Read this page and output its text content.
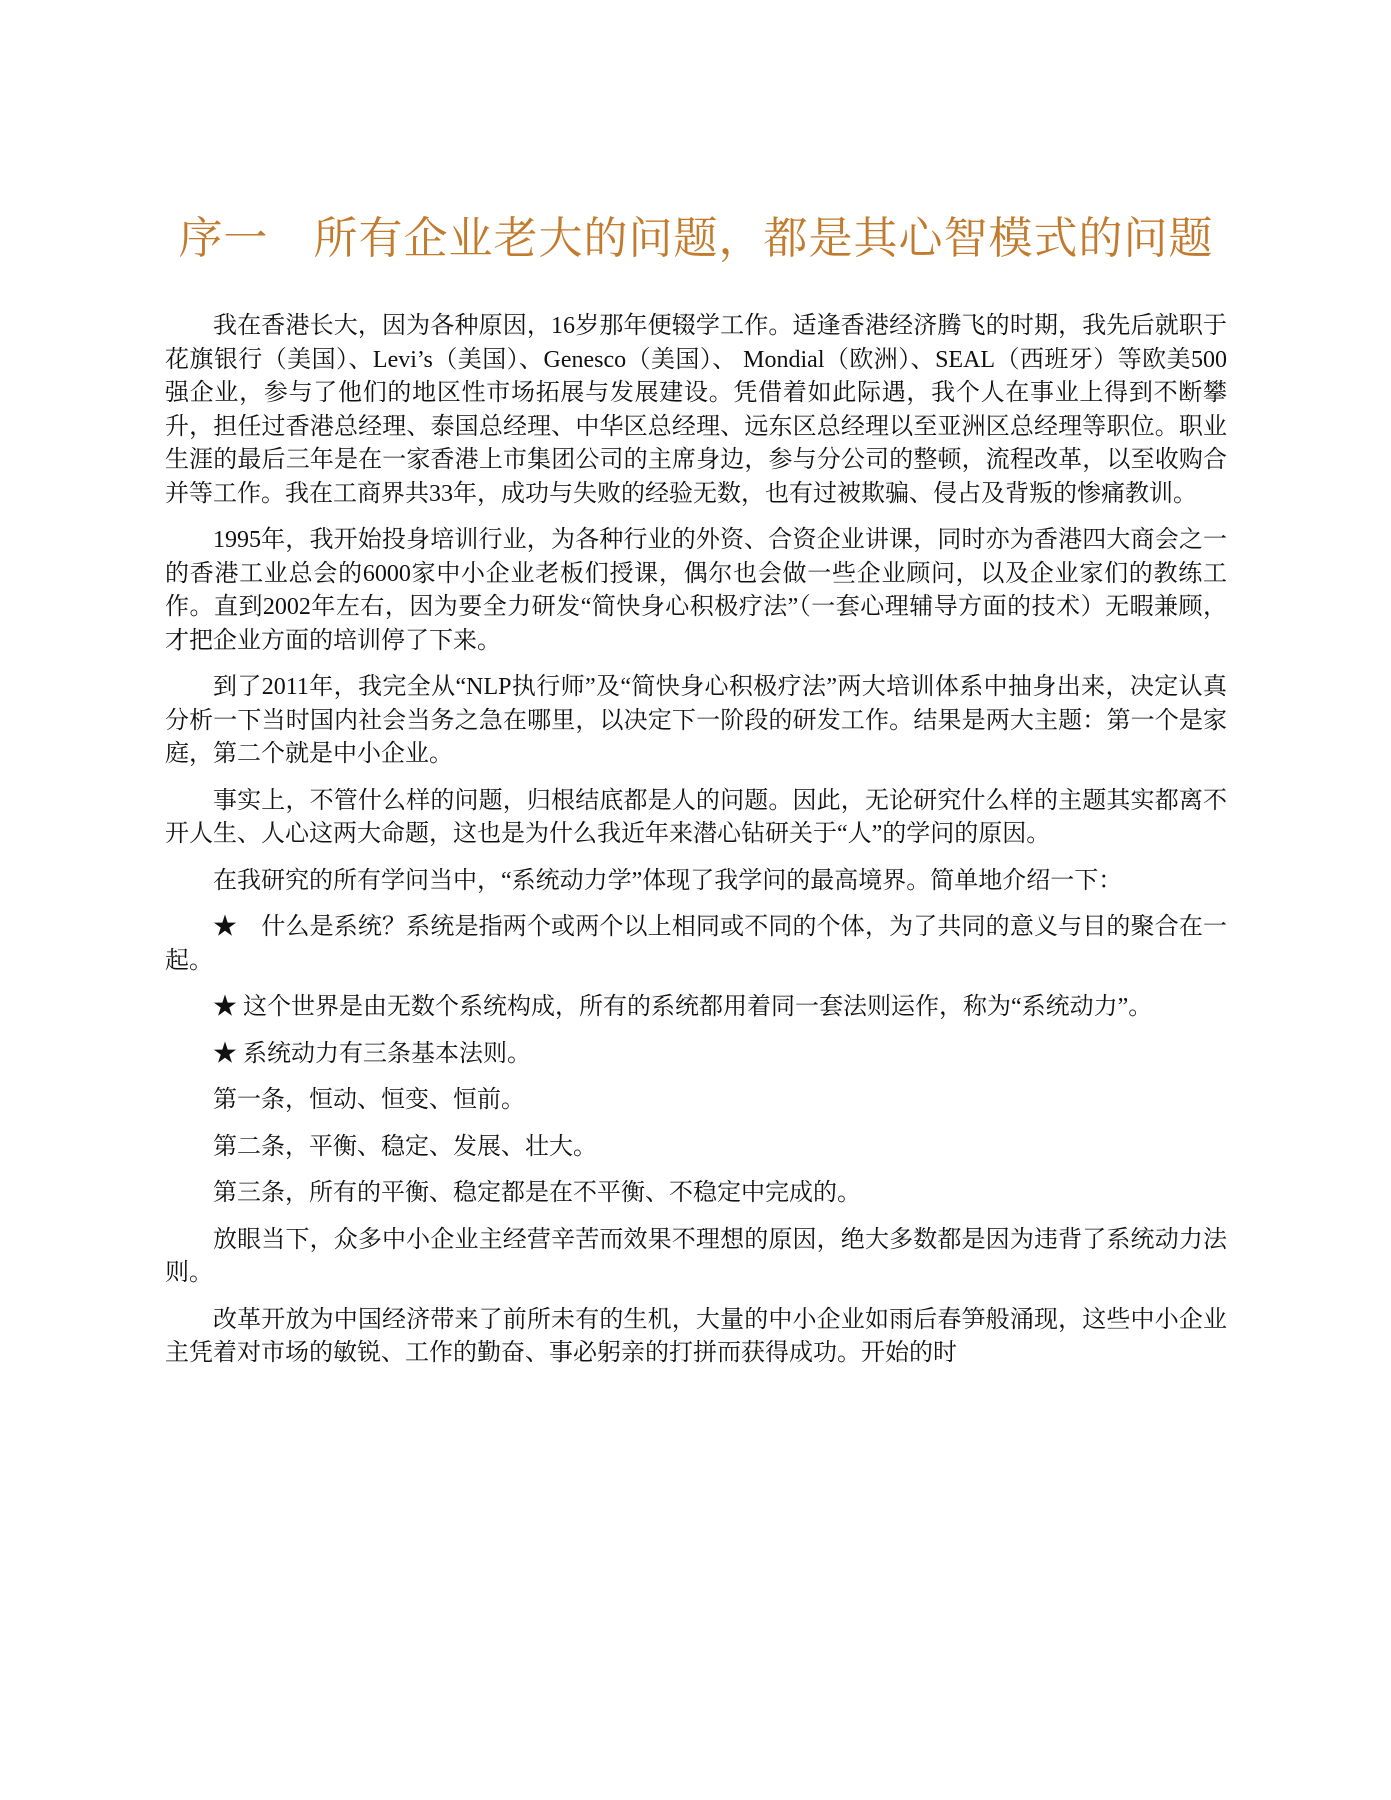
序一　所有企业老大的问题，都是其心智模式的问题

我在香港长大，因为各种原因，16岁那年便辍学工作。适逢香港经济腾飞的时期，我先后就职于花旗银行（美国）、Levi’s（美国）、Genesco（美国）、 Mondial（欧洲）、SEAL（西班牙）等欧美500强企业，参与了他们的地区性市场拓展与发展建设。凭借着如此际遇，我个人在事业上得到不断攀升，担任过香港总经理、泰国总经理、中华区总经理、远东区总经理以至亚洲区总经理等职位。职业生涯的最后三年是在一家香港上市集团公司的主席身边，参与分公司的整顿，流程改革，以至收购合并等工作。我在工商界共33年，成功与失败的经验无数，也有过被欺骗、侵占及背叛的惨痛教训。

1995年，我开始投身培训行业，为各种行业的外资、合资企业讲课，同时亦为香港四大商会之一的香港工业总会的6000家中小企业老板们授课，偶尔也会做一些企业顾问，以及企业家们的教练工作。直到2002年左右，因为要全力研发“简快身心积极疗法”（一套心理辅导方面的技术）无暇兼顾，才把企业方面的培训停了下来。

到了2011年，我完全从“NLP执行师”及“简快身心积极疗法”两大培训体系中抽身出来，决定认真分析一下当时国内社会当务之急在哪里，以决定下一阶段的研发工作。结果是两大主题：第一个是家庭，第二个就是中小企业。

事实上，不管什么样的问题，归根结底都是人的问题。因此，无论研究什么样的主题其实都离不开人生、人心这两大命题，这也是为什么我近年来潜心钻研关于“人”的学问的原因。

在我研究的所有学问当中，“系统动力学”体现了我学问的最高境界。简单地介绍一下：

★　什么是系统？系统是指两个或两个以上相同或不同的个体，为了共同的意义与目的聚合在一起。

★ 这个世界是由无数个系统构成，所有的系统都用着同一套法则运作，称为“系统动力”。

★ 系统动力有三条基本法则。

第一条，恒动、恒变、恒前。

第二条，平衡、稳定、发展、壮大。

第三条，所有的平衡、稳定都是在不平衡、不稳定中完成的。

放眼当下，众多中小企业主经营辛苦而效果不理想的原因，绝大多数都是因为违背了系统动力法则。

改革开放为中国经济带来了前所未有的生机，大量的中小企业如雨后春笋般涌现，这些中小企业主凭着对市场的敏锐、工作的勤奋、事必躬亲的打拼而获得成功。开始的时
